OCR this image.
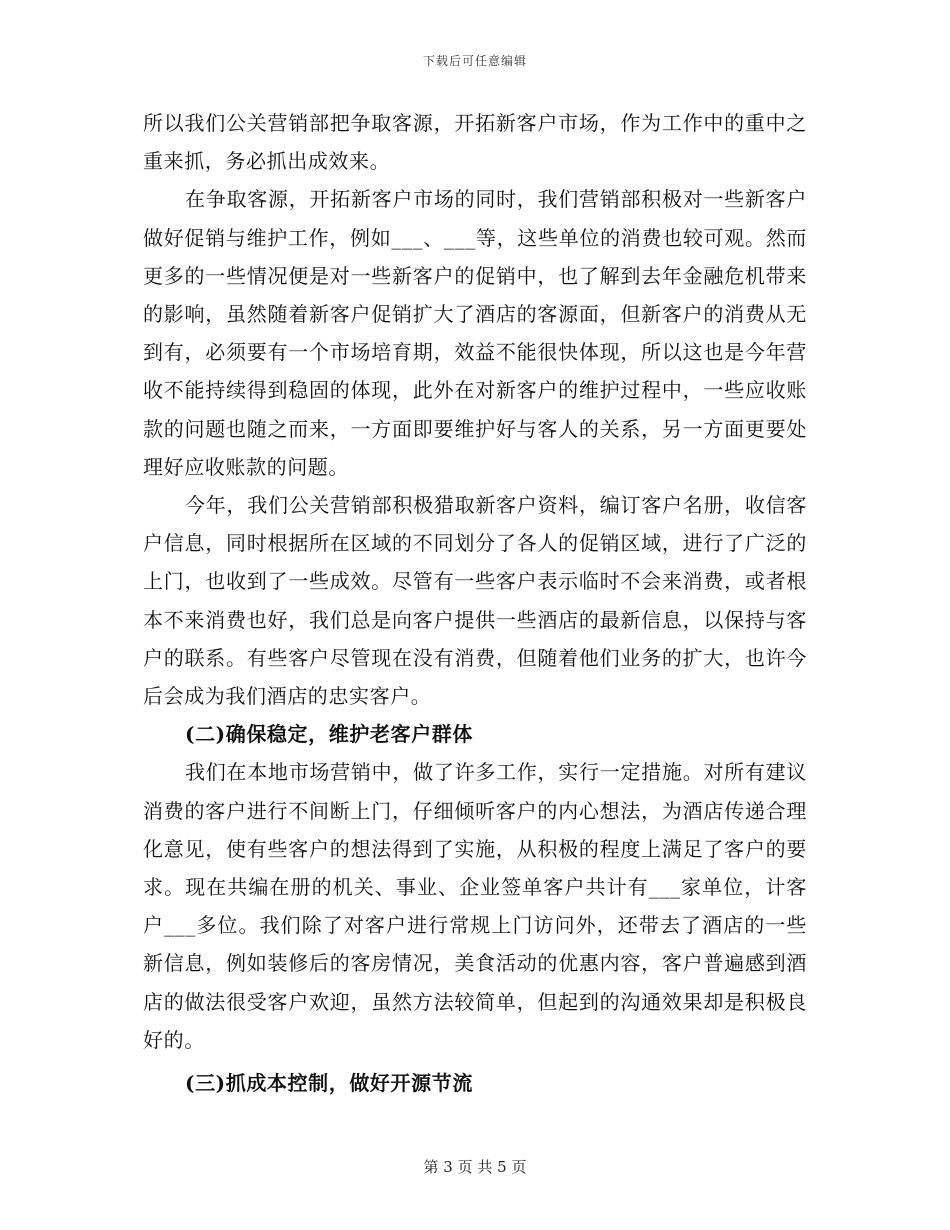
下载后可任意编辑

所以我们公关营销部把争取客源，开拓新客户市场，作为工作中的重中之重来抓，务必抓出成效来。

在争取客源，开拓新客户市场的同时，我们营销部积极对一些新客户做好促销与维护工作，例如___、___等，这些单位的消费也较可观。然而更多的一些情况便是对一些新客户的促销中，也了解到去年金融危机带来的影响，虽然随着新客户促销扩大了酒店的客源面，但新客户的消费从无到有，必须要有一个市场培育期，效益不能很快体现，所以这也是今年营收不能持续得到稳固的体现，此外在对新客户的维护过程中，一些应收账款的问题也随之而来，一方面即要维护好与客人的关系，另一方面更要处理好应收账款的问题。

今年，我们公关营销部积极猎取新客户资料，编订客户名册，收信客户信息，同时根据所在区域的不同划分了各人的促销区域，进行了广泛的上门，也收到了一些成效。尽管有一些客户表示临时不会来消费，或者根本不来消费也好，我们总是向客户提供一些酒店的最新信息，以保持与客户的联系。有些客户尽管现在没有消费，但随着他们业务的扩大，也许今后会成为我们酒店的忠实客户。

(二)确保稳定，维护老客户群体

我们在本地市场营销中，做了许多工作，实行一定措施。对所有建议消费的客户进行不间断上门，仔细倾听客户的内心想法，为酒店传递合理化意见，使有些客户的想法得到了实施，从积极的程度上满足了客户的要求。现在共编在册的机关、事业、企业签单客户共计有___家单位，计客户___多位。我们除了对客户进行常规上门访问外，还带去了酒店的一些新信息，例如装修后的客房情况，美食活动的优惠内容，客户普遍感到酒店的做法很受客户欢迎，虽然方法较简单，但起到的沟通效果却是积极良好的。

(三)抓成本控制，做好开源节流

第 3 页 共 5 页
